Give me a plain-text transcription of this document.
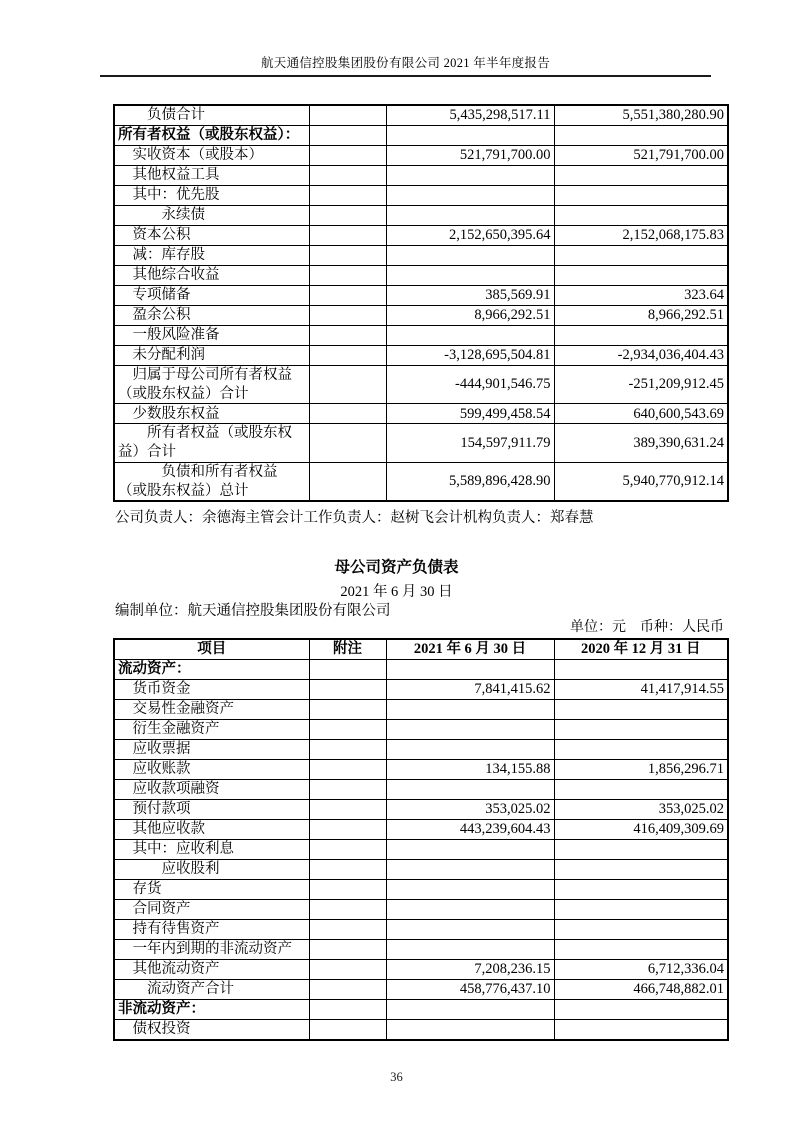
航天通信控股集团股份有限公司 2021 年半年度报告
　　负债合计		5,435,298,517.11	5,551,380,280.90
所有者权益（或股东权益）：			
　实收资本（或股本）		521,791,700.00	521,791,700.00
　其他权益工具			
　其中：优先股			
　　　永续债			
　资本公积		2,152,650,395.64	2,152,068,175.83
　减：库存股			
　其他综合收益			
　专项储备		385,569.91	323.64
　盈余公积		8,966,292.51	8,966,292.51
　一般风险准备			
　未分配利润		-3,128,695,504.81	-2,934,036,404.43
　归属于母公司所有者权益（或股东权益）合计		-444,901,546.75	-251,209,912.45
　少数股东权益		599,499,458.54	640,600,543.69
　　所有者权益（或股东权益）合计		154,597,911.79	389,390,631.24
　　　负债和所有者权益（或股东权益）总计		5,589,896,428.90	5,940,770,912.14
公司负责人：余德海主管会计工作负责人：赵树飞会计机构负责人：郑春慧
母公司资产负债表
2021 年 6 月 30 日
编制单位：航天通信控股集团股份有限公司
单位：元　币种：人民币
项目	附注	2021 年 6 月 30 日	2020 年 12 月 31 日
流动资产：			
　货币资金		7,841,415.62	41,417,914.55
　交易性金融资产			
　衍生金融资产			
　应收票据			
　应收账款		134,155.88	1,856,296.71
　应收款项融资			
　预付款项		353,025.02	353,025.02
　其他应收款		443,239,604.43	416,409,309.69
　其中：应收利息			
　　　应收股利			
　存货			
　合同资产			
　持有待售资产			
　一年内到期的非流动资产			
　其他流动资产		7,208,236.15	6,712,336.04
　　流动资产合计		458,776,437.10	466,748,882.01
非流动资产：			
　债权投资			
36
